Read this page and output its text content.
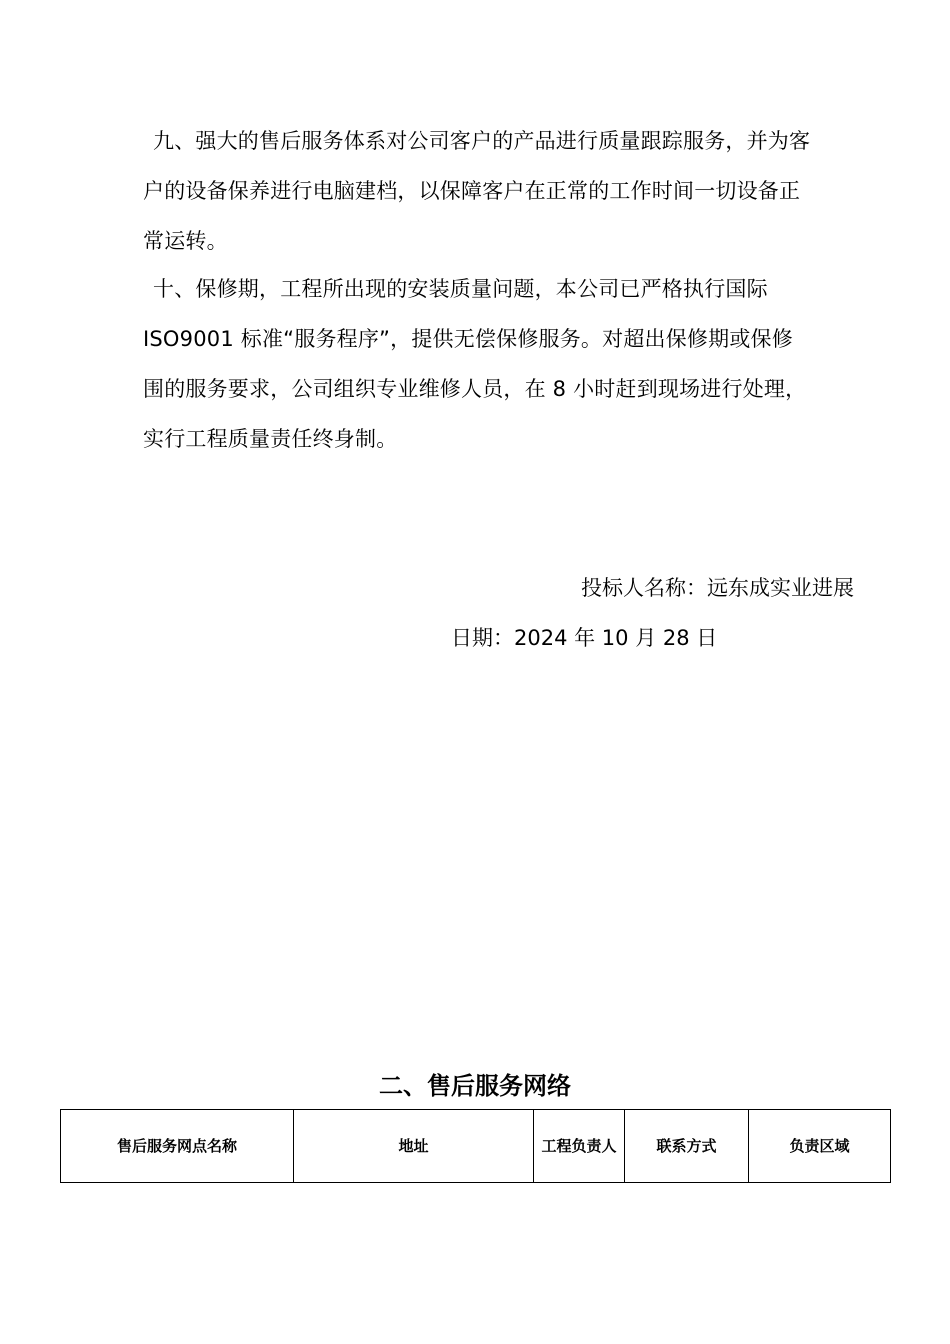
九、强大的售后服务体系对公司客户的产品进行质量跟踪服务，并为客
户的设备保养进行电脑建档，以保障客户在正常的工作时间一切设备正
常运转。
十、保修期，工程所出现的安装质量问题，本公司已严格执行国际
ISO9001 标准“服务程序”，提供无偿保修服务。对超出保修期或保修
围的服务要求，公司组织专业维修人员，在 8 小时赶到现场进行处理，
实行工程质量责任终身制。
投标人名称：远东成实业进展
日期：2024 年 10 月 28 日
二、售后服务网络
售后服务网点名称	地址	工程负责人	联系方式	负责区域
